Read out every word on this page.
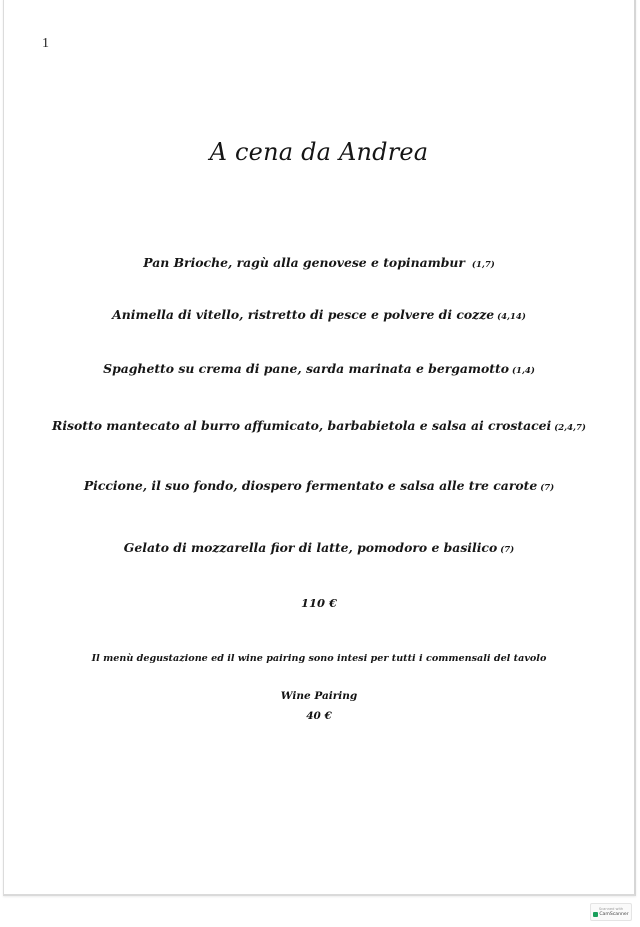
1
A cena da Andrea
Pan Brioche, ragù alla genovese e topinambur (1,7)
Animella di vitello, ristretto di pesce e polvere di cozze (4,14)
Spaghetto su crema di pane, sarda marinata e bergamotto (1,4)
Risotto mantecato al burro affumicato, barbabietola e salsa ai crostacei (2,4,7)
Piccione, il suo fondo, diospero fermentato e salsa alle tre carote (7)
Gelato di mozzarella fior di latte, pomodoro e basilico (7)
110 €
Il menù degustazione ed il wine pairing sono intesi per tutti i commensali del tavolo
Wine Pairing
40 €
Scanned with
CamScanner
